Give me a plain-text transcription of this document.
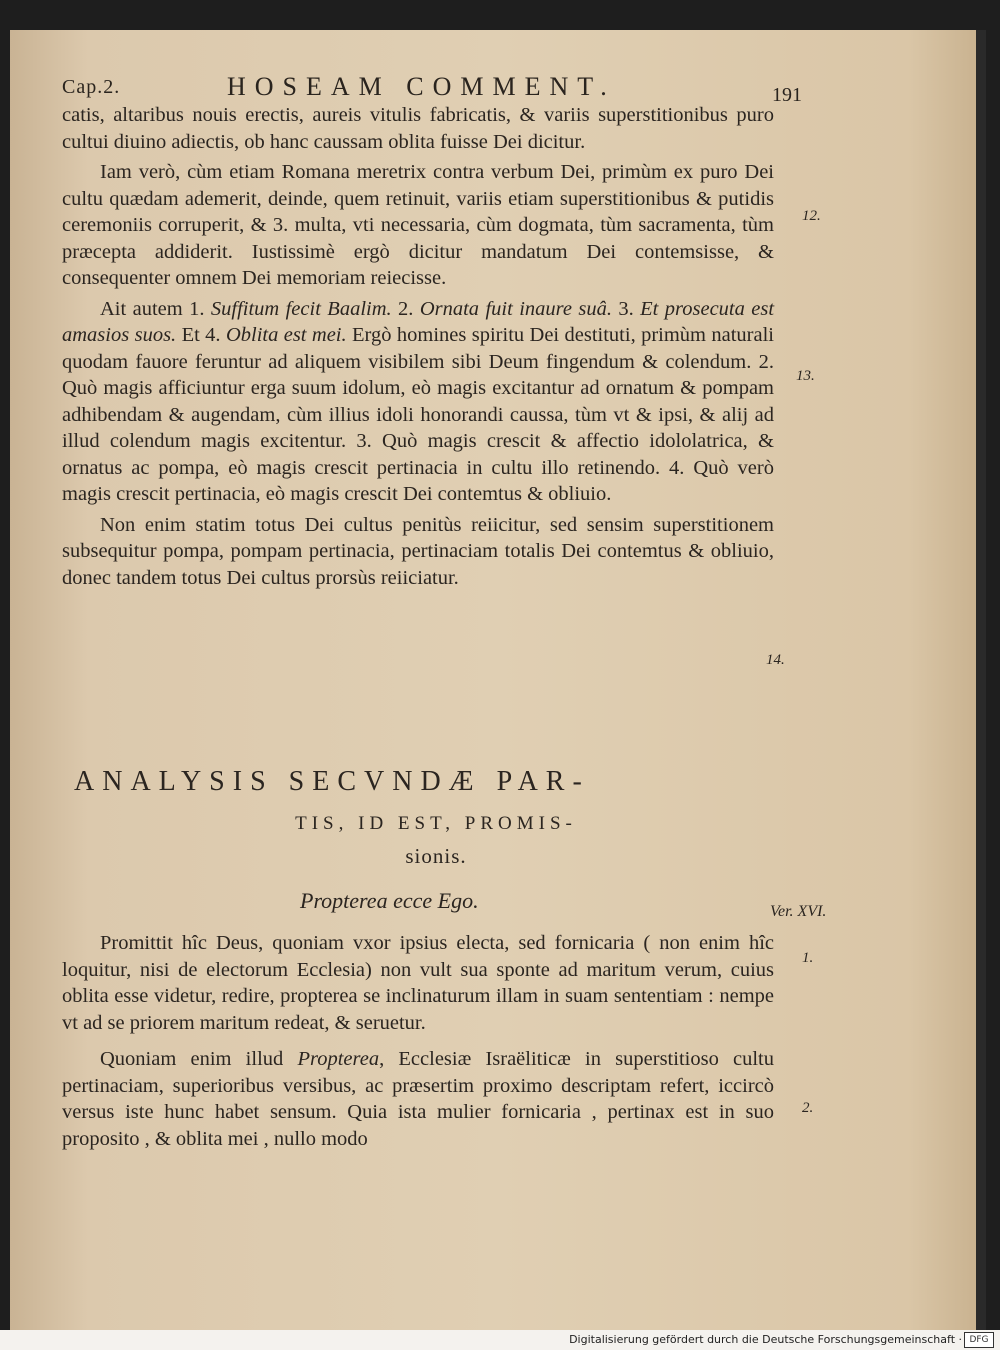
Cap.2.	HOSEAM COMMENT.	191

catis, altaribus nouis erectis, aureis vitulis fabricatis, & variis superstitionibus puro cultui diuino adiectis, ob hanc caussam oblita fuisse Dei dicitur.

Iam verò, cùm etiam Romana meretrix contra verbum Dei, primùm ex puro Dei cultu quædam ademerit, deinde, quem retinuit, variis etiam superstitionibus & putidis ceremoniis corruperit, & 3. multa, vti necessaria, cùm dogmata, tùm sacramenta, tùm præcepta addiderit. Iustissimè ergò dicitur mandatum Dei contemsisse, & consequenter omnem Dei memoriam reiecisse.

Ait autem 1. Suffitum fecit Baalim. 2. Ornata fuit inaure suâ. 3. Et prosecuta est amasios suos. Et 4. Oblita est mei. Ergò homines spiritu Dei destituti, primùm naturali quodam fauore feruntur ad aliquem visibilem sibi Deum fingendum & colendum. 2. Quò magis afficiuntur erga suum idolum, eò magis excitantur ad ornatum & pompam adhibendam & augendam, cùm illius idoli honorandi caussa, tùm vt & ipsi, & alij ad illud colendum magis excitentur. 3. Quò magis crescit & affectio idololatrica, & ornatus ac pompa, eò magis crescit pertinacia in cultu illo retinendo. 4. Quò verò magis crescit pertinacia, eò magis crescit Dei contemtus & obliuio.

Non enim statim totus Dei cultus penitùs reiicitur, sed sensim superstitionem subsequitur pompa, pompam pertinacia, pertinaciam totalis Dei contemtus & obliuio, donec tandem totus Dei cultus prorsùs reiiciatur.

ANALYSIS SECVNDÆ PAR-
TIS, ID EST, PROMIS-
sionis.
Propterea ecce Ego.

Promittit hîc Deus, quoniam vxor ipsius electa, sed fornicaria ( non enim hîc loquitur, nisi de electorum Ecclesia) non vult sua sponte ad maritum verum, cuius oblita esse videtur, redire, propterea se inclinaturum illam in suam sententiam : nempe vt ad se priorem maritum redeat, & seruetur.

Quoniam enim illud Propterea, Ecclesiæ Israëliticæ in superstitioso cultu pertinaciam, superioribus versibus, ac præsertim proximo descriptam refert, iccircò versus iste hunc habet sensum. Quia ista mulier fornicaria , pertinax est in suo proposito , & oblita mei , nullo modo

12.
13.
14.
Ver. XVI.
1.
2.
Digitalisierung gefördert durch die Deutsche Forschungsgemeinschaft · DFG
